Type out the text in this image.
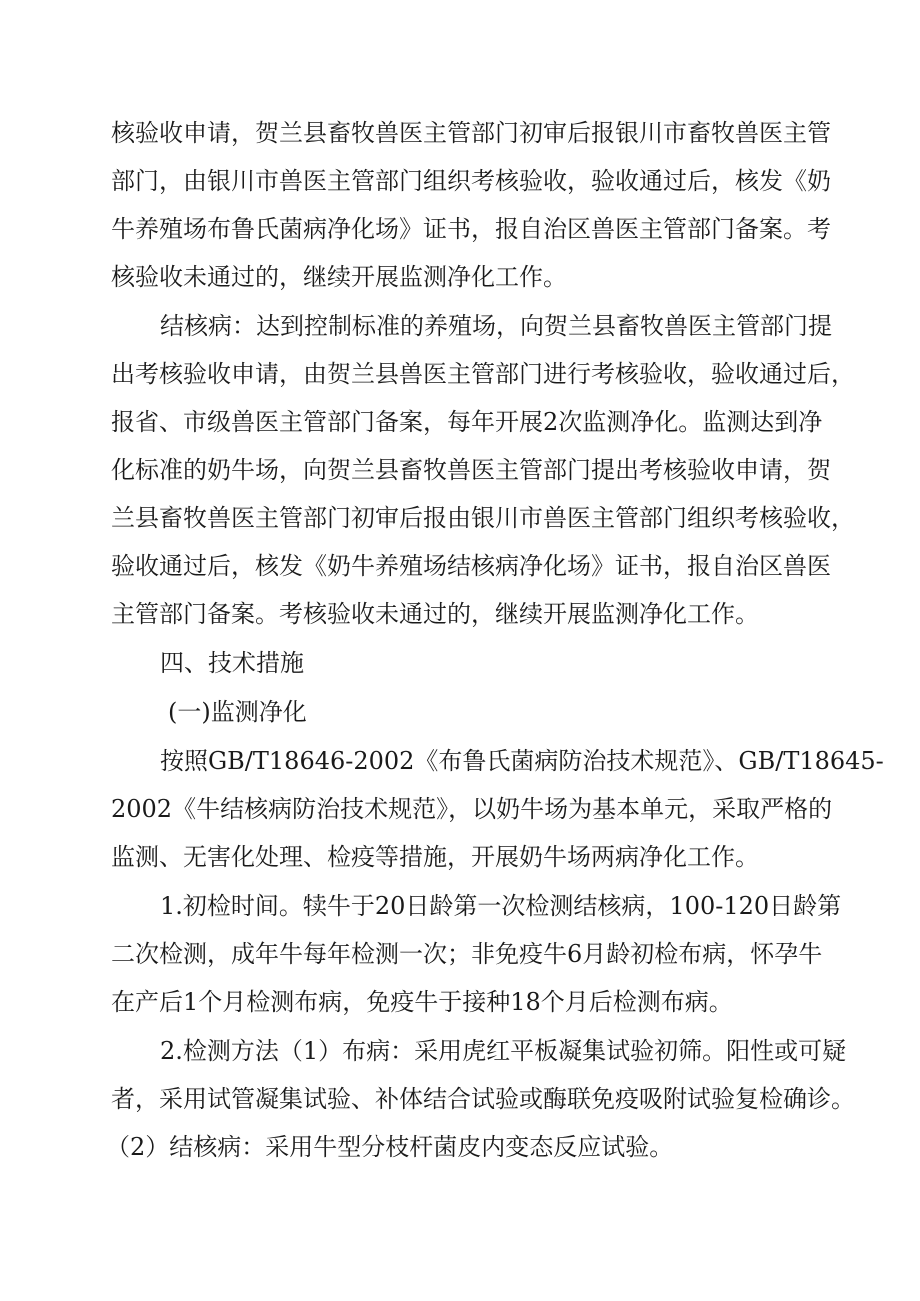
核验收申请，贺兰县畜牧兽医主管部门初审后报银川市畜牧兽医主管
部门，由银川市兽医主管部门组织考核验收，验收通过后，核发《奶
牛养殖场布鲁氏菌病净化场》证书，报自治区兽医主管部门备案。考
核验收未通过的，继续开展监测净化工作。
结核病：达到控制标准的养殖场，向贺兰县畜牧兽医主管部门提
出考核验收申请，由贺兰县兽医主管部门进行考核验收，验收通过后，
报省、市级兽医主管部门备案，每年开展2次监测净化。监测达到净
化标准的奶牛场，向贺兰县畜牧兽医主管部门提出考核验收申请，贺
兰县畜牧兽医主管部门初审后报由银川市兽医主管部门组织考核验收，
验收通过后，核发《奶牛养殖场结核病净化场》证书，报自治区兽医
主管部门备案。考核验收未通过的，继续开展监测净化工作。
四、技术措施
(一)监测净化
按照GB/T18646-2002《布鲁氏菌病防治技术规范》、GB/T18645-
2002《牛结核病防治技术规范》，以奶牛场为基本单元，采取严格的
监测、无害化处理、检疫等措施，开展奶牛场两病净化工作。
1.初检时间。犊牛于20日龄第一次检测结核病，100-120日龄第
二次检测，成年牛每年检测一次；非免疫牛6月龄初检布病，怀孕牛
在产后1个月检测布病，免疫牛于接种18个月后检测布病。
2.检测方法（1）布病：采用虎红平板凝集试验初筛。阳性或可疑
者，采用试管凝集试验、补体结合试验或酶联免疫吸附试验复检确诊。
（2）结核病：采用牛型分枝杆菌皮内变态反应试验。
